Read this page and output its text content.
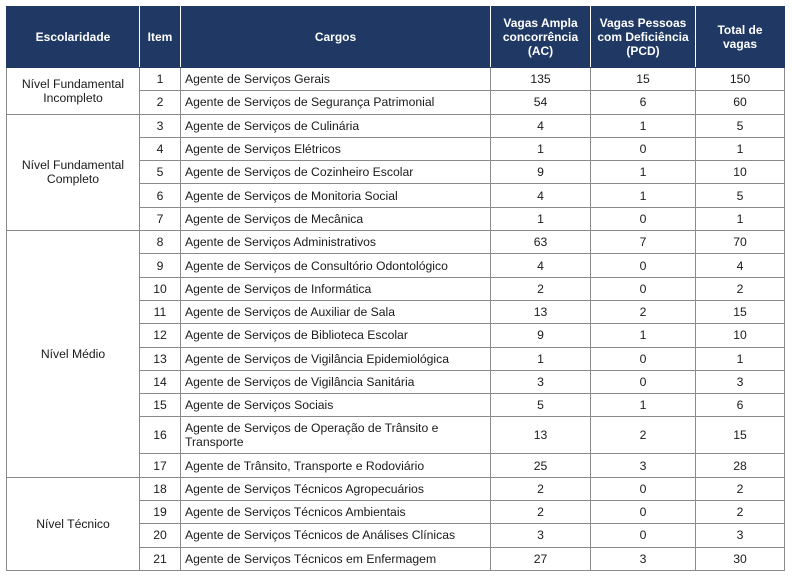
Escolaridade	Item	Cargos	Vagas Ampla concorrência (AC)	Vagas Pessoas com Deficiência (PCD)	Total de vagas
Nível Fundamental Incompleto	1	Agente de Serviços Gerais	135	15	150
	2	Agente de Serviços de Segurança Patrimonial	54	6	60
Nível Fundamental Completo	3	Agente de Serviços de Culinária	4	1	5
	4	Agente de Serviços Elétricos	1	0	1
	5	Agente de Serviços de Cozinheiro Escolar	9	1	10
	6	Agente de Serviços de Monitoria Social	4	1	5
	7	Agente de Serviços de Mecânica	1	0	1
Nível Médio	8	Agente de Serviços Administrativos	63	7	70
	9	Agente de Serviços de Consultório Odontológico	4	0	4
	10	Agente de Serviços de Informática	2	0	2
	11	Agente de Serviços de Auxiliar de Sala	13	2	15
	12	Agente de Serviços de Biblioteca Escolar	9	1	10
	13	Agente de Serviços de Vigilância Epidemiológica	1	0	1
	14	Agente de Serviços de Vigilância Sanitária	3	0	3
	15	Agente de Serviços Sociais	5	1	6
	16	Agente de Serviços de Operação de Trânsito e Transporte	13	2	15
	17	Agente de Trânsito, Transporte e Rodoviário	25	3	28
Nível Técnico	18	Agente de Serviços Técnicos Agropecuários	2	0	2
	19	Agente de Serviços Técnicos Ambientais	2	0	2
	20	Agente de Serviços Técnicos de Análises Clínicas	3	0	3
	21	Agente de Serviços Técnicos em Enfermagem	27	3	30
